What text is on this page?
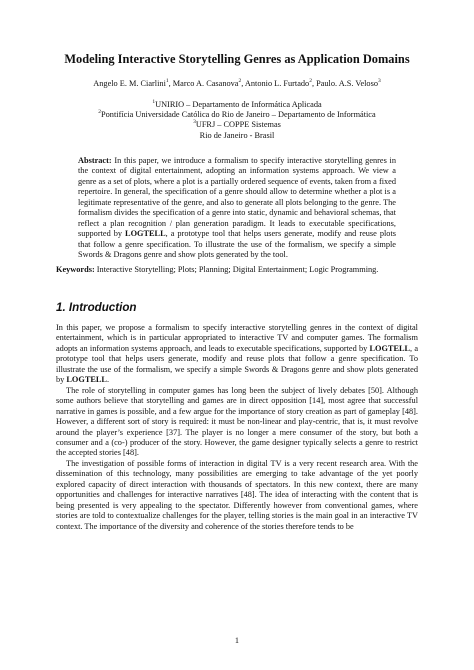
Modeling Interactive Storytelling Genres as Application Domains
Angelo E. M. Ciarlini$^1$, Marco A. Casanova$^2$, Antonio L. Furtado$^2$, Paulo. A.S. Veloso$^3$
$^1$UNIRIO – Departamento de Informática Aplicada
$^2$Pontifícia Universidade Católica do Rio de Janeiro – Departamento de Informática
$^3$UFRJ – COPPE Sistemas
Rio de Janeiro - Brasil
Abstract: In this paper, we introduce a formalism to specify interactive storytelling genres in the context of digital entertainment, adopting an information systems approach. We view a genre as a set of plots, where a plot is a partially ordered sequence of events, taken from a fixed repertoire. In general, the specification of a genre should allow to determine whether a plot is a legitimate representative of the genre, and also to generate all plots belonging to the genre. The formalism divides the specification of a genre into static, dynamic and behavioral schemas, that reflect a plan recognition / plan generation paradigm. It leads to executable specifications, supported by LOGTELL, a prototype tool that helps users generate, modify and reuse plots that follow a genre specification. To illustrate the use of the formalism, we specify a simple Swords & Dragons genre and show plots generated by the tool.
Keywords: Interactive Storytelling; Plots; Planning; Digital Entertainment; Logic Programming.
1. Introduction

In this paper, we propose a formalism to specify interactive storytelling genres in the context of digital entertainment, which is in particular appropriated to interactive TV and computer games. The formalism adopts an information systems approach, and leads to executable specifications, supported by LOGTELL, a prototype tool that helps users generate, modify and reuse plots that follow a genre specification. To illustrate the use of the formalism, we specify a simple Swords & Dragons genre and show plots generated by LOGTELL.

The role of storytelling in computer games has long been the subject of lively debates [50]. Although some authors believe that storytelling and games are in direct opposition [14], most agree that successful narrative in games is possible, and a few argue for the importance of story creation as part of gameplay [48]. However, a different sort of story is required: it must be non-linear and play-centric, that is, it must revolve around the player’s experience [37]. The player is no longer a mere consumer of the story, but both a consumer and a (co-) producer of the story. However, the game designer typically selects a genre to restrict the accepted stories [48].

The investigation of possible forms of interaction in digital TV is a very recent research area. With the dissemination of this technology, many possibilities are emerging to take advantage of the yet poorly explored capacity of direct interaction with thousands of spectators. In this new context, there are many opportunities and challenges for interactive narratives [48]. The idea of interacting with the content that is being presented is very appealing to the spectator. Differently however from conventional games, where stories are told to contextualize challenges for the player, telling stories is the main goal in an interactive TV context. The importance of the diversity and coherence of the stories therefore tends to be

1
